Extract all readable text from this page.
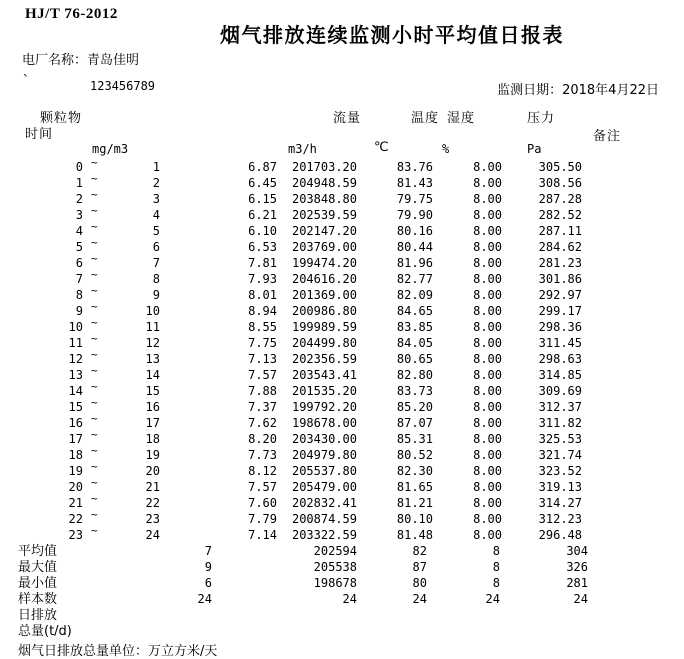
HJ/T 76-2012
烟气排放连续监测小时平均值日报表
电厂名称：青岛佳明
`	123456789	监测日期：2018年4月22日
颗粒物
时间
流量	温度 湿度	压力
备注
mg/m3	m3/h	℃	%	Pa
0 ~	1	6.87 201703.20	83.76	8.00	305.50
1 ~	2	6.45 204948.59	81.43	8.00	308.56
2 ~	3	6.15 203848.80	79.75	8.00	287.28
3 ~	4	6.21 202539.59	79.90	8.00	282.52
4 ~	5	6.10 202147.20	80.16	8.00	287.11
5 ~	6	6.53 203769.00	80.44	8.00	284.62
6 ~	7	7.81 199474.20	81.96	8.00	281.23
7 ~	8	7.93 204616.20	82.77	8.00	301.86
8 ~	9	8.01 201369.00	82.09	8.00	292.97
9 ~	10	8.94 200986.80	84.65	8.00	299.17
10 ~	11	8.55 199989.59	83.85	8.00	298.36
11 ~	12	7.75 204499.80	84.05	8.00	311.45
12 ~	13	7.13 202356.59	80.65	8.00	298.63
13 ~	14	7.57 203543.41	82.80	8.00	314.85
14 ~	15	7.88 201535.20	83.73	8.00	309.69
15 ~	16	7.37 199792.20	85.20	8.00	312.37
16 ~	17	7.62 198678.00	87.07	8.00	311.82
17 ~	18	8.20 203430.00	85.31	8.00	325.53
18 ~	19	7.73 204979.80	80.52	8.00	321.74
19 ~	20	8.12 205537.80	82.30	8.00	323.52
20 ~	21	7.57 205479.00	81.65	8.00	319.13
21 ~	22	7.60 202832.41	81.21	8.00	314.27
22 ~	23	7.79 200874.59	80.10	8.00	312.23
23 ~	24	7.14 203322.59	81.48	8.00	296.48
平均值	7	202594	82	8	304
最大值	9	205538	87	8	326
最小值	6	198678	80	8	281
样本数	24	24	24	24	24
日排放
总量(t/d)
烟气日排放总量单位：万立方米/天
